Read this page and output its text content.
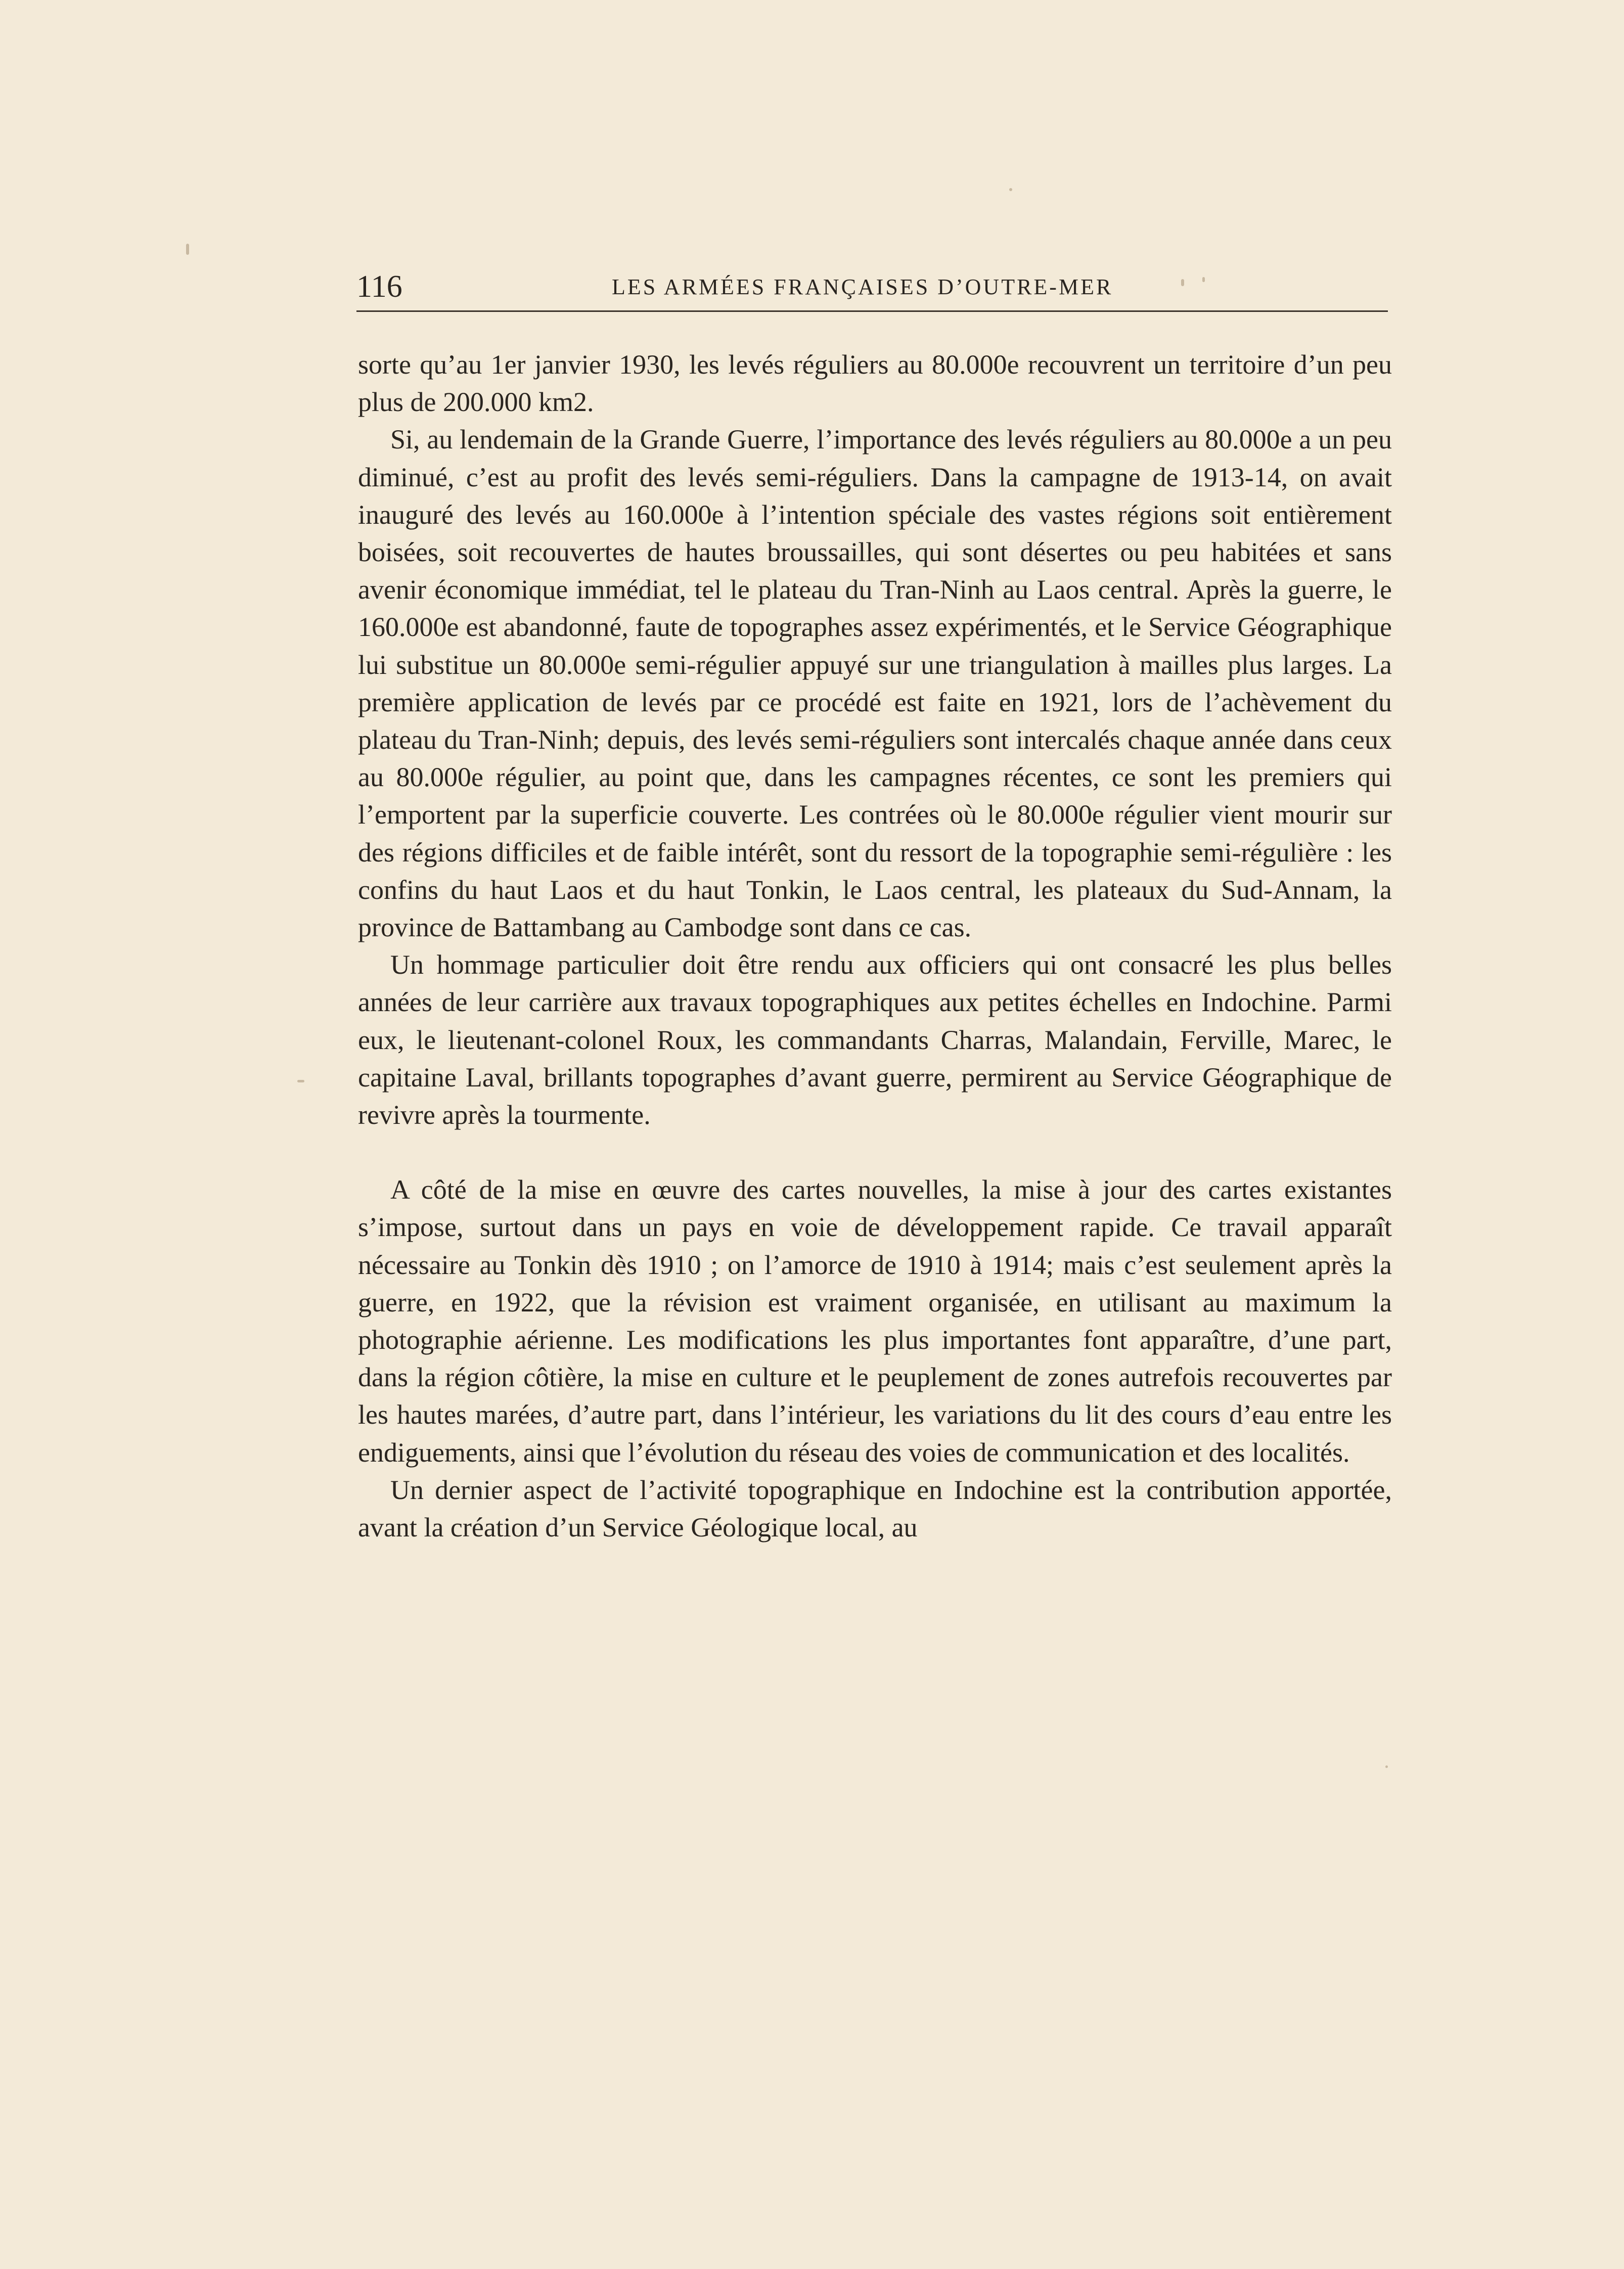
116	LES ARMÉES FRANÇAISES D’OUTRE-MER

sorte qu’au 1er janvier 1930, les levés réguliers au 80.000e recouvrent un territoire d’un peu plus de 200.000 km2.

Si, au lendemain de la Grande Guerre, l’importance des levés réguliers au 80.000e a un peu diminué, c’est au profit des levés semi-réguliers. Dans la campagne de 1913-14, on avait inauguré des levés au 160.000e à l’intention spéciale des vastes régions soit entièrement boisées, soit recouvertes de hautes broussailles, qui sont désertes ou peu habitées et sans avenir économique immédiat, tel le plateau du Tran-Ninh au Laos central. Après la guerre, le 160.000e est abandonné, faute de topographes assez expérimentés, et le Service Géographique lui substitue un 80.000e semi-régulier appuyé sur une triangulation à mailles plus larges. La première application de levés par ce procédé est faite en 1921, lors de l’achèvement du plateau du Tran-Ninh; depuis, des levés semi-réguliers sont intercalés chaque année dans ceux au 80.000e régulier, au point que, dans les campagnes récentes, ce sont les premiers qui l’emportent par la superficie couverte. Les contrées où le 80.000e régulier vient mourir sur des régions difficiles et de faible intérêt, sont du ressort de la topographie semi-régulière : les confins du haut Laos et du haut Tonkin, le Laos central, les plateaux du Sud-Annam, la province de Battambang au Cambodge sont dans ce cas.

Un hommage particulier doit être rendu aux officiers qui ont consacré les plus belles années de leur carrière aux travaux topographiques aux petites échelles en Indochine. Parmi eux, le lieutenant-colonel Roux, les commandants Charras, Malandain, Ferville, Marec, le capitaine Laval, brillants topographes d’avant guerre, permirent au Service Géographique de revivre après la tourmente.

A côté de la mise en œuvre des cartes nouvelles, la mise à jour des cartes existantes s’impose, surtout dans un pays en voie de développement rapide. Ce travail apparaît nécessaire au Tonkin dès 1910 ; on l’amorce de 1910 à 1914; mais c’est seulement après la guerre, en 1922, que la révision est vraiment organisée, en utilisant au maximum la photographie aérienne. Les modifications les plus importantes font apparaître, d’une part, dans la région côtière, la mise en culture et le peuplement de zones autrefois recouvertes par les hautes marées, d’autre part, dans l’intérieur, les variations du lit des cours d’eau entre les endiguements, ainsi que l’évolution du réseau des voies de communication et des localités.

Un dernier aspect de l’activité topographique en Indochine est la contribution apportée, avant la création d’un Service Géologique local, au
